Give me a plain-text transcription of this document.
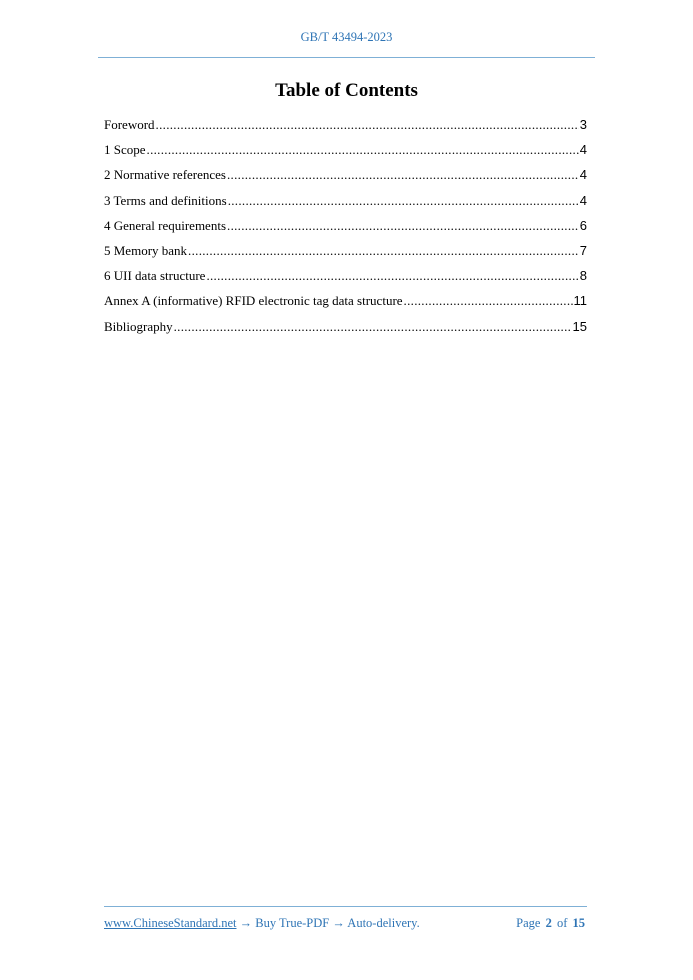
GB/T 43494-2023
Table of Contents
Foreword .....	3
1 Scope .....	4
2 Normative references .....	4
3 Terms and definitions .....	4
4 General requirements .....	6
5 Memory bank .....	7
6 UII data structure .....	8
Annex A (informative) RFID electronic tag data structure .....	11
Bibliography .....	15
www.ChineseStandard.net → Buy True-PDF → Auto-delivery.	Page 2 of 15
